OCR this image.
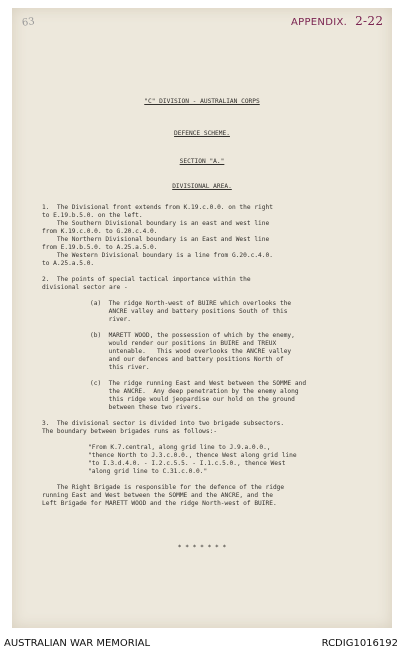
63	APPENDIX. 2-22
"C" DIVISION - AUSTRALIAN CORPS
DEFENCE SCHEME.
SECTION "A."
DIVISIONAL AREA.
1.  The Divisional front extends from K.19.c.0.0. on the right
to E.19.b.5.0. on the left.
The Southern Divisional boundary is an east and west line
from K.19.c.0.0. to G.20.c.4.0.
The Northern Divisional boundary is an East and West line
from E.19.b.5.0. to A.25.a.5.0.
The Western Divisional boundary is a line from G.20.c.4.0.
to A.25.a.5.0.
2.  The points of special tactical importance within the
divisional sector are -
(a)  The ridge North-west of BUIRE which overlooks the
ANCRE valley and battery positions South of this
river.
(b)  MARETT WOOD, the possession of which by the enemy,
would render our positions in BUIRE and TREUX
untenable.   This wood overlooks the ANCRE valley
and our defences and battery positions North of
this river.
(c)  The ridge running East and West between the SOMME and
the ANCRE.  Any deep penetration by the enemy along
this ridge would jeopardise our hold on the ground
between these two rivers.
3.  The divisional sector is divided into two brigade subsectors.
The boundary between brigades runs as follows:-
"From K.7.central, along grid line to J.9.a.0.0.,
"thence North to J.3.c.0.0., thence West along grid line
"to I.3.d.4.0. - I.2.c.5.5. - I.1.c.5.0., thence West
"along grid line to C.31.c.0.0."
The Right Brigade is responsible for the defence of the ridge
running East and West between the SOMME and the ANCRE, and the
Left Brigade for MARETT WOOD and the ridge North-west of BUIRE.
* * * * * * *
AUSTRALIAN WAR MEMORIAL	RCDIG1016192
